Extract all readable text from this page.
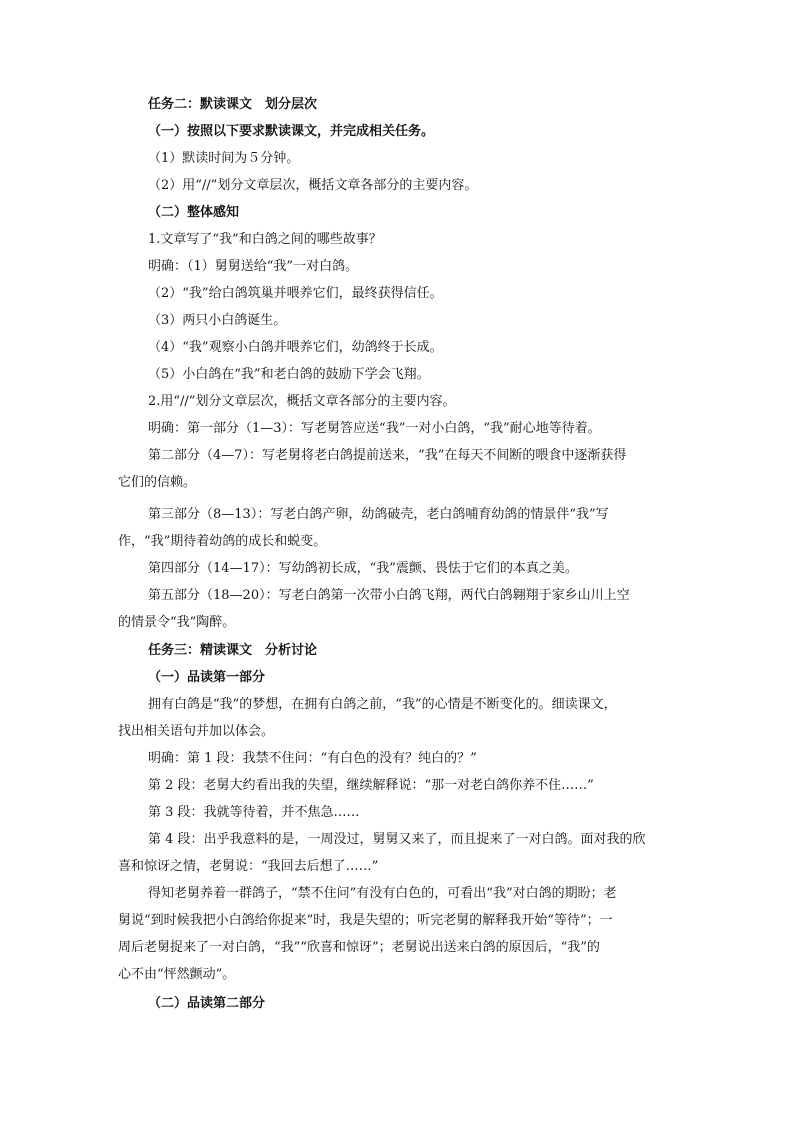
任务二：默读课文　划分层次
（一）按照以下要求默读课文，并完成相关任务。
（1）默读时间为５分钟。
（2）用“//”划分文章层次，概括文章各部分的主要内容。
（二）整体感知
1.文章写了“我”和白鸽之间的哪些故事？
明确：（1）舅舅送给“我”一对白鸽。
（2）“我”给白鸽筑巢并喂养它们，最终获得信任。
（3）两只小白鸽诞生。
（4）“我”观察小白鸽并喂养它们，幼鸽终于长成。
（5）小白鸽在“我”和老白鸽的鼓励下学会飞翔。
2.用“//”划分文章层次，概括文章各部分的主要内容。
明确：第一部分（1—3）：写老舅答应送“我”一对小白鸽，“我”耐心地等待着。
第二部分（4—7）：写老舅将老白鸽提前送来，“我”在每天不间断的喂食中逐渐获得
它们的信赖。
第三部分（8—13）：写老白鸽产卵，幼鸽破壳，老白鸽哺育幼鸽的情景伴“我”写
作，“我”期待着幼鸽的成长和蜕变。
第四部分（14—17）：写幼鸽初长成，“我”震颤、畏怯于它们的本真之美。
第五部分（18—20）：写老白鸽第一次带小白鸽飞翔，两代白鸽翱翔于家乡山川上空
的情景令“我”陶醉。
任务三：精读课文　分析讨论
（一）品读第一部分
拥有白鸽是“我”的梦想，在拥有白鸽之前，“我”的心情是不断变化的。细读课文，
找出相关语句并加以体会。
明确：第 1 段：我禁不住问：“有白色的没有？纯白的？”
第 2 段：老舅大约看出我的失望，继续解释说：“那一对老白鸽你养不住……”
第 3 段：我就等待着，并不焦急……
第 4 段：出乎我意料的是，一周没过，舅舅又来了，而且捉来了一对白鸽。面对我的欣
喜和惊讶之情，老舅说：“我回去后想了……”
得知老舅养着一群鸽子，“禁不住问”有没有白色的，可看出“我”对白鸽的期盼；老
舅说“到时候我把小白鸽给你捉来”时，我是失望的；听完老舅的解释我开始“等待”；一
周后老舅捉来了一对白鸽，“我”“欣喜和惊讶”；老舅说出送来白鸽的原因后，“我”的
心不由“怦然颤动”。
（二）品读第二部分
